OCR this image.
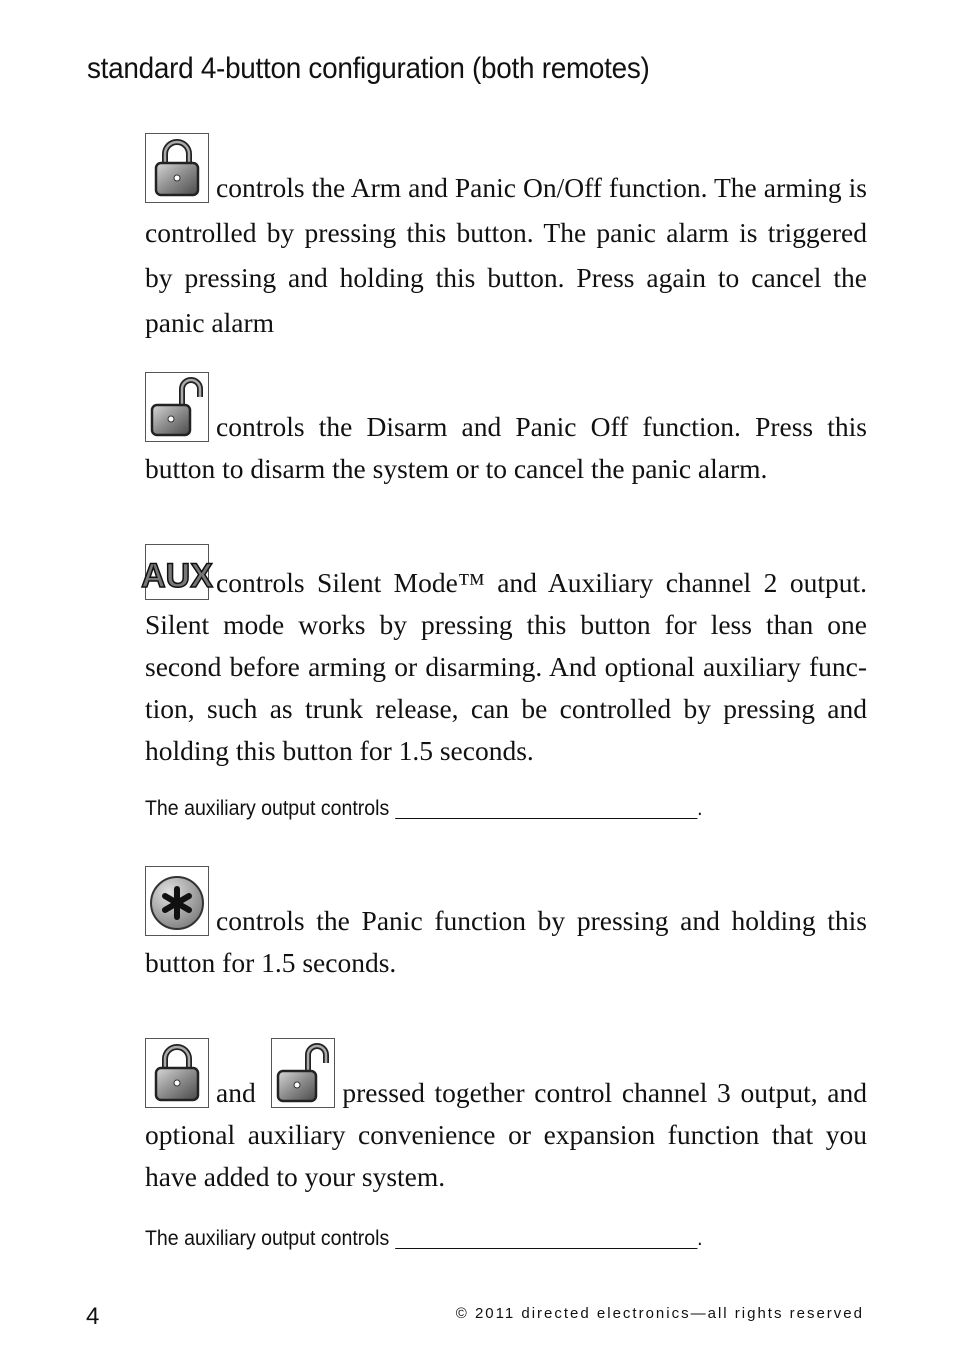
standard 4-button configuration (both remotes)

controls the Arm and Panic On/Off function. The arming is controlled by pressing this button. The panic alarm is triggered by pressing and holding this button. Press again to cancel the panic alarm

controls the Disarm and Panic Off function. Press this button to disarm the system or to cancel the panic alarm.

AUX controls Silent Mode™ and Auxiliary channel 2 output. Silent mode works by pressing this button for less than one second before arming or disarming. And optional auxiliary func-tion, such as trunk release, can be controlled by pressing and holding this button for 1.5 seconds.

The auxiliary output controls	.

controls the Panic function by pressing and holding this button for 1.5 seconds.

and	pressed together control channel 3 output, and optional auxiliary convenience or expansion function that you have added to your system.

The auxiliary output controls	.

4	© 2011 directed electronics—all rights reserved
